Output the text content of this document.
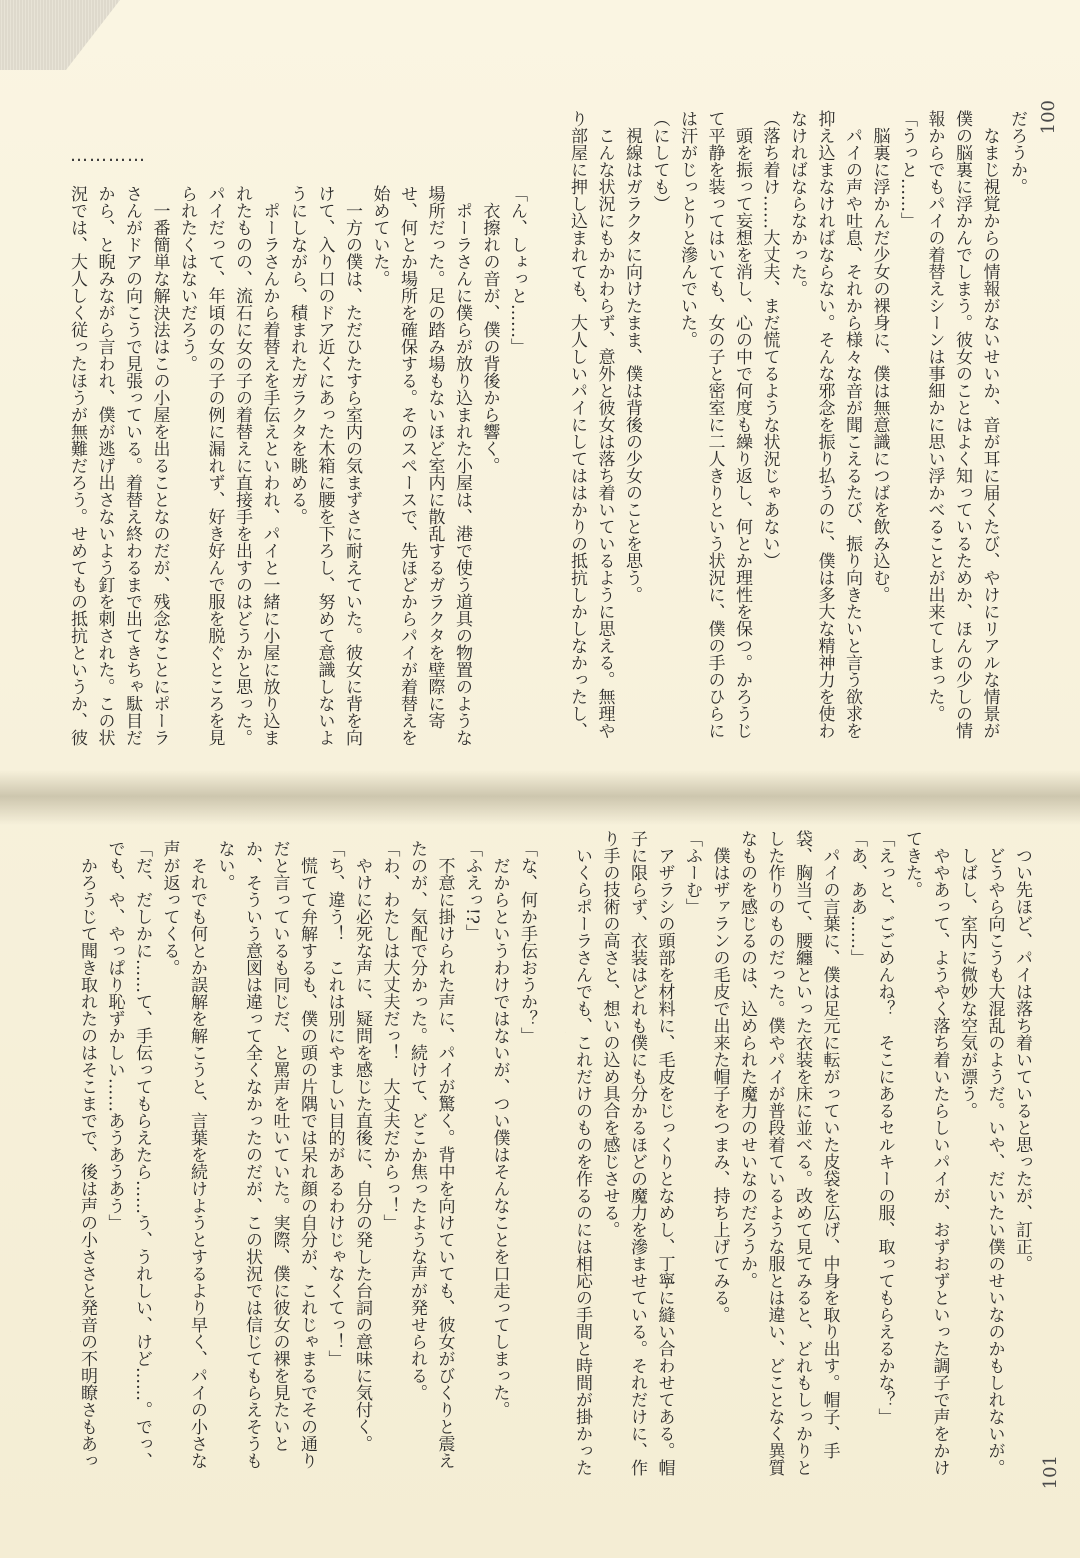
100
101
…………

「ん、しょっと……」

衣擦れの音が、僕の背後から響く。

ポーラさんに僕らが放り込まれた小屋は、港で使う道具の物置のような場所だった。足の踏み場もないほど室内に散乱するガラクタを壁際に寄せ、何とか場所を確保する。そのスペースで、先ほどからパイが着替えを始めていた。

一方の僕は、ただひたすら室内の気まずさに耐えていた。彼女に背を向けて、入り口のドア近くにあった木箱に腰を下ろし、努めて意識しないようにしながら、積まれたガラクタを眺める。

ポーラさんから着替えを手伝えといわれ、パイと一緒に小屋に放り込まれたものの、流石に女の子の着替えに直接手を出すのはどうかと思った。パイだって、年頃の女の子の例に漏れず、好き好んで服を脱ぐところを見られたくはないだろう。

一番簡単な解決法はこの小屋を出ることなのだが、残念なことにポーラさんがドアの向こうで見張っている。着替え終わるまで出てきちゃ駄目だから、と睨みながら言われ、僕が逃げ出さないよう釘を刺された。この状況では、大人しく従ったほうが無難だろう。せめてもの抵抗というか、彼

だろうか。

なまじ視覚からの情報がないせいか、音が耳に届くたび、やけにリアルな情景が僕の脳裏に浮かんでしまう。彼女のことはよく知っているためか、ほんの少しの情報からでもパイの着替えシーンは事細かに思い浮かべることが出来てしまった。

「うっと……」

脳裏に浮かんだ少女の裸身に、僕は無意識につばを飲み込む。

パイの声や吐息、それから様々な音が聞こえるたび、振り向きたいと言う欲求を抑え込まなければならない。そんな邪念を振り払うのに、僕は多大な精神力を使わなければならなかった。

（落ち着け……大丈夫、まだ慌てるような状況じゃあない）

頭を振って妄想を消し、心の中で何度も繰り返し、何とか理性を保つ。かろうじて平静を装ってはいても、女の子と密室に二人きりという状況に、僕の手のひらには汗がじっとりと滲んでいた。

（にしても）

視線はガラクタに向けたまま、僕は背後の少女のことを思う。

こんな状況にもかかわらず、意外と彼女は落ち着いているように思える。無理やり部屋に押し込まれても、大人しいパイにしてははかりの抵抗しかしなかったし、

「な、何か手伝おうか？」

だからというわけではないが、つい僕はそんなことを口走ってしまった。

「ふえっ!?」

不意に掛けられた声に、パイが驚く。背中を向けていても、彼女がびくりと震えたのが、気配で分かった。続けて、どこか焦ったような声が発せられる。

「わ、わたしは大丈夫だっ！　大丈夫だからっ！」

やけに必死な声に、疑問を感じた直後に、自分の発した台詞の意味に気付く。

「ち、違う！　これは別にやましい目的があるわけじゃなくてっ！」

慌てて弁解するも、僕の頭の片隅では呆れ顔の自分が、これじゃまるでその通りだと言っているも同じだ、と罵声を吐いていた。実際、僕に彼女の裸を見たいとか、そういう意図は違って全くなかったのだが、この状況では信じてもらえそうもない。

それでも何とか誤解を解こうと、言葉を続けようとするより早く、パイの小さな声が返ってくる。

「だ、だしかに……て、手伝ってもらえたら……う、うれしい、けど……。でっ、でも、や、やっぱり恥ずかしい……あうあうあう」

かろうじて聞き取れたのはそこまでで、後は声の小ささと発音の不明瞭さもあっ

つい先ほど、パイは落ち着いていると思ったが、訂正。

どうやら向こうも大混乱のようだ。いや、だいたい僕のせいなのかもしれないが。

しばし、室内に微妙な空気が漂う。

ややあって、ようやく落ち着いたらしいパイが、おずおずといった調子で声をかけてきた。

「えっと、ごごめんね？　そこにあるセルキーの服、取ってもらえるかな？」

「あ、ああ……」

パイの言葉に、僕は足元に転がっていた皮袋を広げ、中身を取り出す。帽子、手袋、胸当て、腰纏といった衣装を床に並べる。改めて見てみると、どれもしっかりとした作りのものだった。僕やパイが普段着ているような服とは違い、どことなく異質なものを感じるのは、込められた魔力のせいなのだろうか。

僕はザァランの毛皮で出来た帽子をつまみ、持ち上げてみる。

「ふーむ」

アザラシの頭部を材料に、毛皮をじっくりとなめし、丁寧に縫い合わせてある。帽子に限らず、衣装はどれも僕にも分かるほどの魔力を滲ませている。それだけに、作り手の技術の高さと、想いの込め具合を感じさせる。

いくらポーラさんでも、これだけのものを作るのには相応の手間と時間が掛かった
